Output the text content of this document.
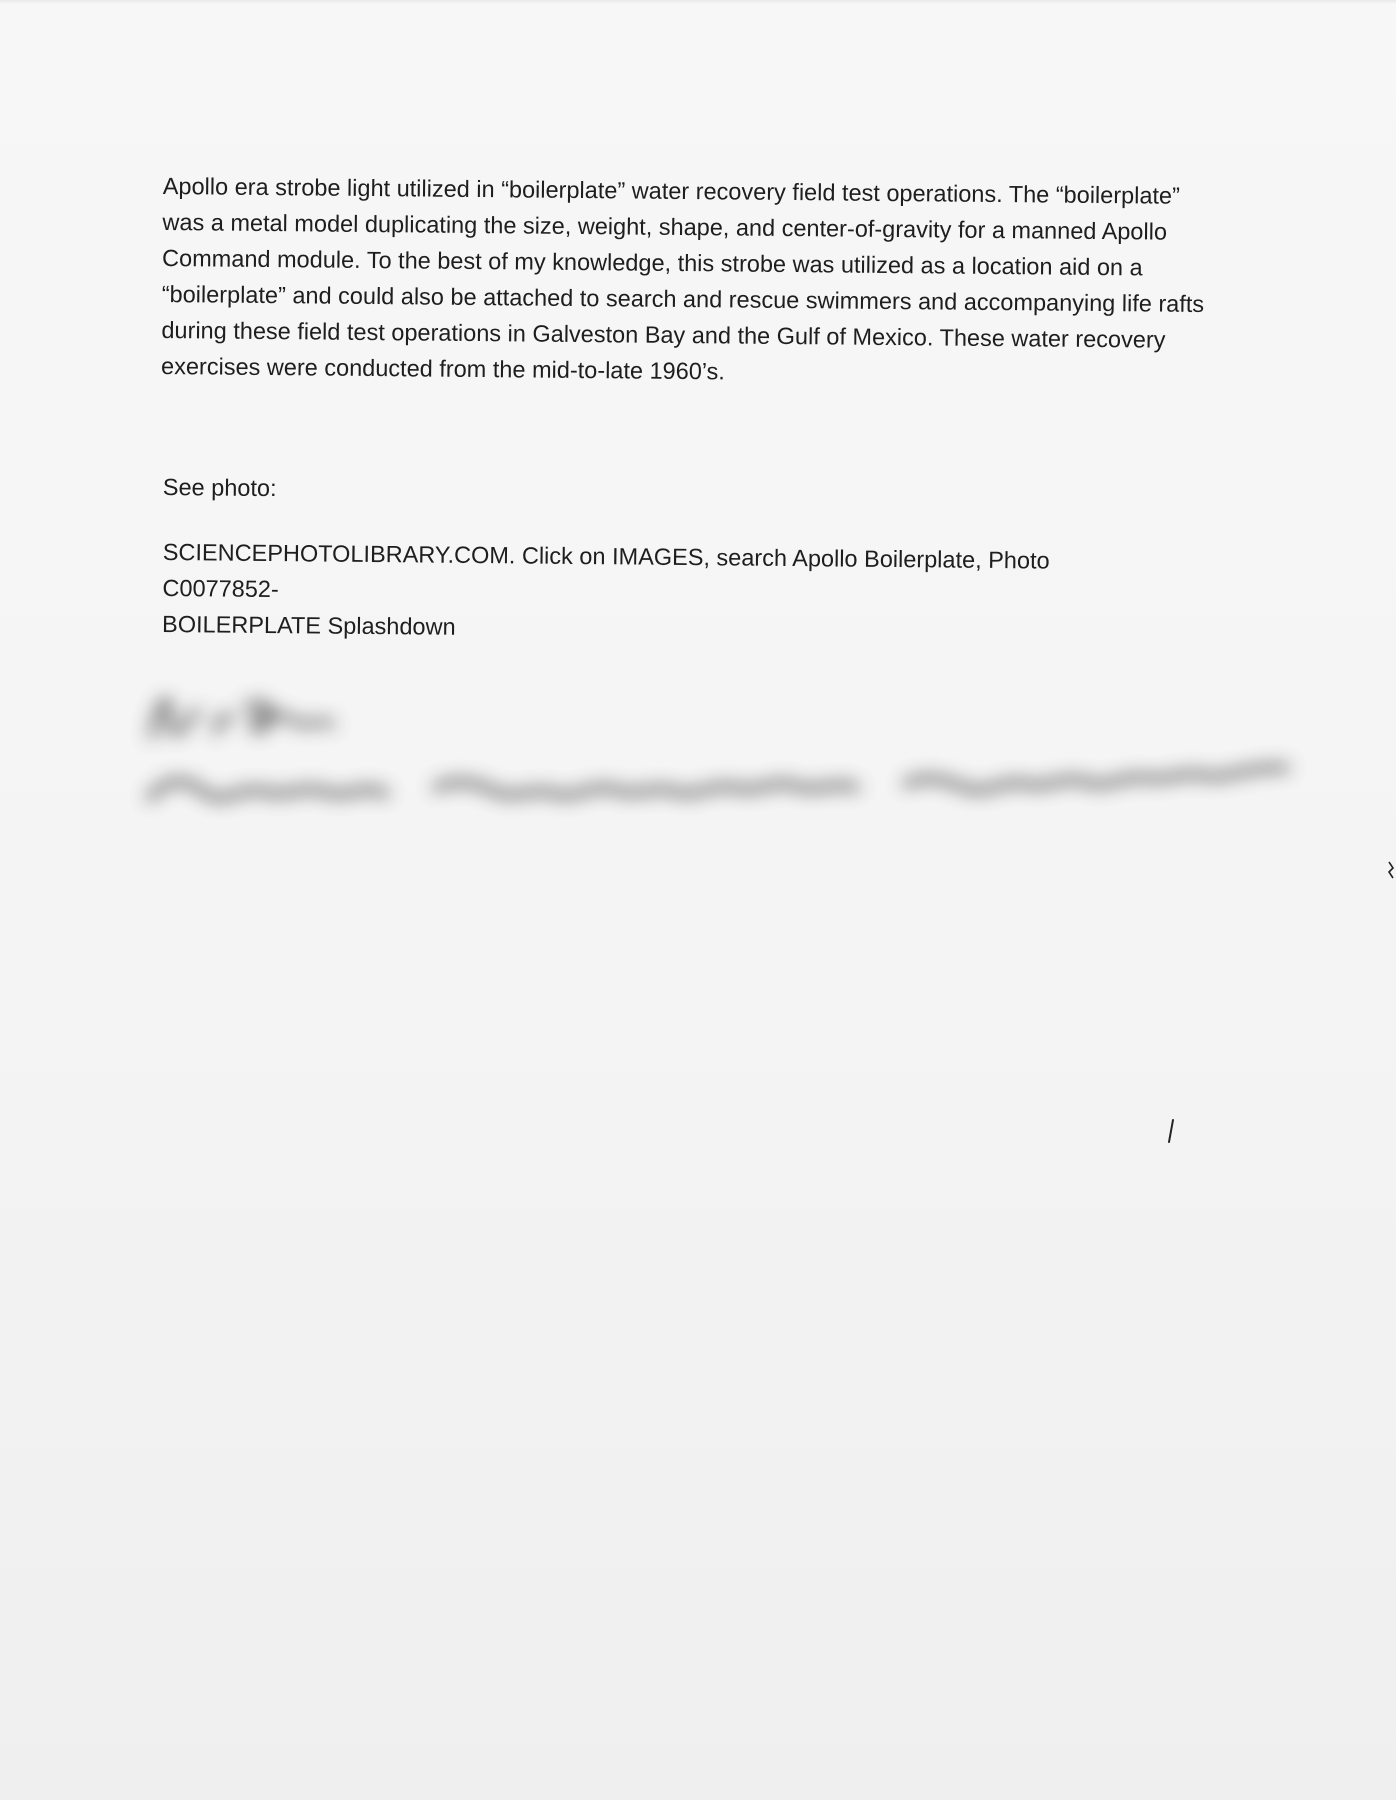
Apollo era strobe light utilized in “boilerplate” water recovery field test operations. The “boilerplate”
was a metal model duplicating the size, weight, shape, and center-of-gravity for a manned Apollo
Command module. To the best of my knowledge, this strobe was utilized as a location aid on a
“boilerplate” and could also be attached to search and rescue swimmers and accompanying life rafts
during these field test operations in Galveston Bay and the Gulf of Mexico. These water recovery
exercises were conducted from the mid-to-late 1960’s.

See photo:

SCIENCEPHOTOLIBRARY.COM. Click on IMAGES, search Apollo Boilerplate, Photo C0077852-
BOILERPLATE Splashdown
